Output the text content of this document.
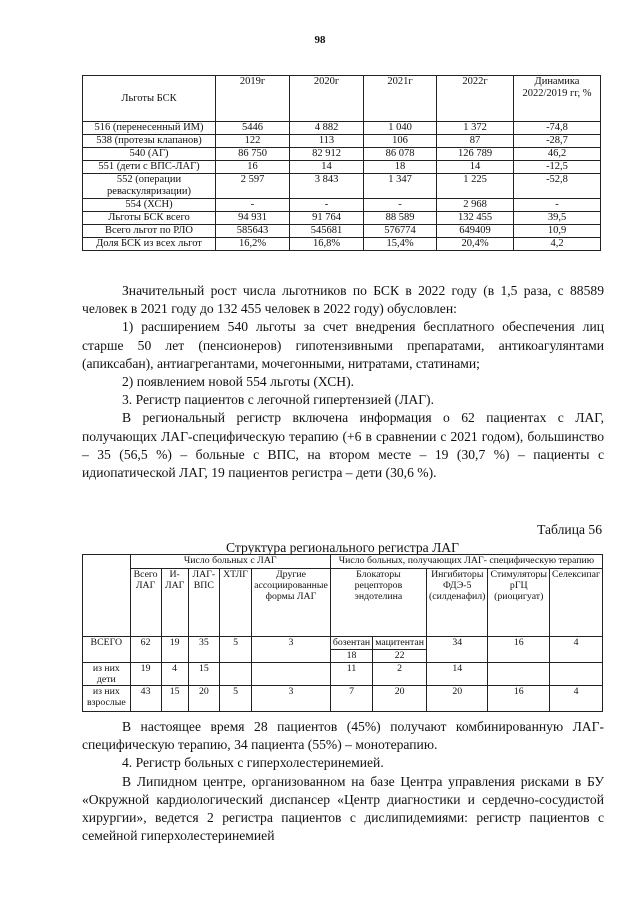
98
Льготы БСК	2019г	2020г	2021г	2022г	Динамика 2022/2019 гг, %
516 (перенесенный ИМ)	5446	4 882	1 040	1 372	-74,8
538 (протезы клапанов)	122	113	106	87	-28,7
540 (АГ)	86 750	82 912	86 078	126 789	46,2
551 (дети с ВПС-ЛАГ)	16	14	18	14	-12,5
552 (операции реваскуляризации)	2 597	3 843	1 347	1 225	-52,8
554 (ХСН)	-	-	-	2 968	-
Льготы БСК всего	94 931	91 764	88 589	132 455	39,5
Всего льгот по РЛО	585643	545681	576774	649409	10,9
Доля БСК из всех льгот	16,2%	16,8%	15,4%	20,4%	4,2

Значительный рост числа льготников по БСК в 2022 году (в 1,5 раза, с 88589 человек в 2021 году до 132 455 человек в 2022 году) обусловлен:

1) расширением 540 льготы за счет внедрения бесплатного обеспечения лиц старше 50 лет (пенсионеров) гипотензивными препаратами, антикоагулянтами (апиксабан), антиагрегантами, мочегонными, нитратами, статинами;

2) появлением новой 554 льготы (ХСН).

3. Регистр пациентов с легочной гипертензией (ЛАГ).

В региональный регистр включена информация о 62 пациентах с ЛАГ, получающих ЛАГ-специфическую терапию (+6 в сравнении с 2021 годом), большинство – 35 (56,5 %) – больные с ВПС, на втором месте – 19 (30,7 %) – пациенты с идиопатической ЛАГ, 19 пациентов регистра – дети (30,6 %).

Таблица 56
Структура регионального регистра ЛАГ
	Число больных с ЛАГ					Число больных, получающих ЛАГ- специфическую терапию				
	Всего ЛАГ	И-ЛАГ	ЛАГ-ВПС	ХТЛГ	Другие ассоциированные формы ЛАГ	Блокаторы рецепторов эндотелина		Ингибиторы ФДЭ-5 (силденафил)	Стимуляторы рГЦ (риоцигуат)	Селексипаг
ВСЕГО	62	19	35	5	3	бозентан	мацитентан	34	16	4
						18	22			
из них дети	19	4	15			11	2	14		
из них взрослые	43	15	20	5	3	7	20	20	16	4

В настоящее время 28 пациентов (45%) получают комбинированную ЛАГ-специфическую терапию, 34 пациента (55%) – монотерапию.

4. Регистр больных с гиперхолестеринемией.

В Липидном центре, организованном на базе Центра управления рисками в БУ «Окружной кардиологический диспансер «Центр диагностики и сердечно-сосудистой хирургии», ведется 2 регистра пациентов с дислипидемиями: регистр пациентов с семейной гиперхолестеринемией
